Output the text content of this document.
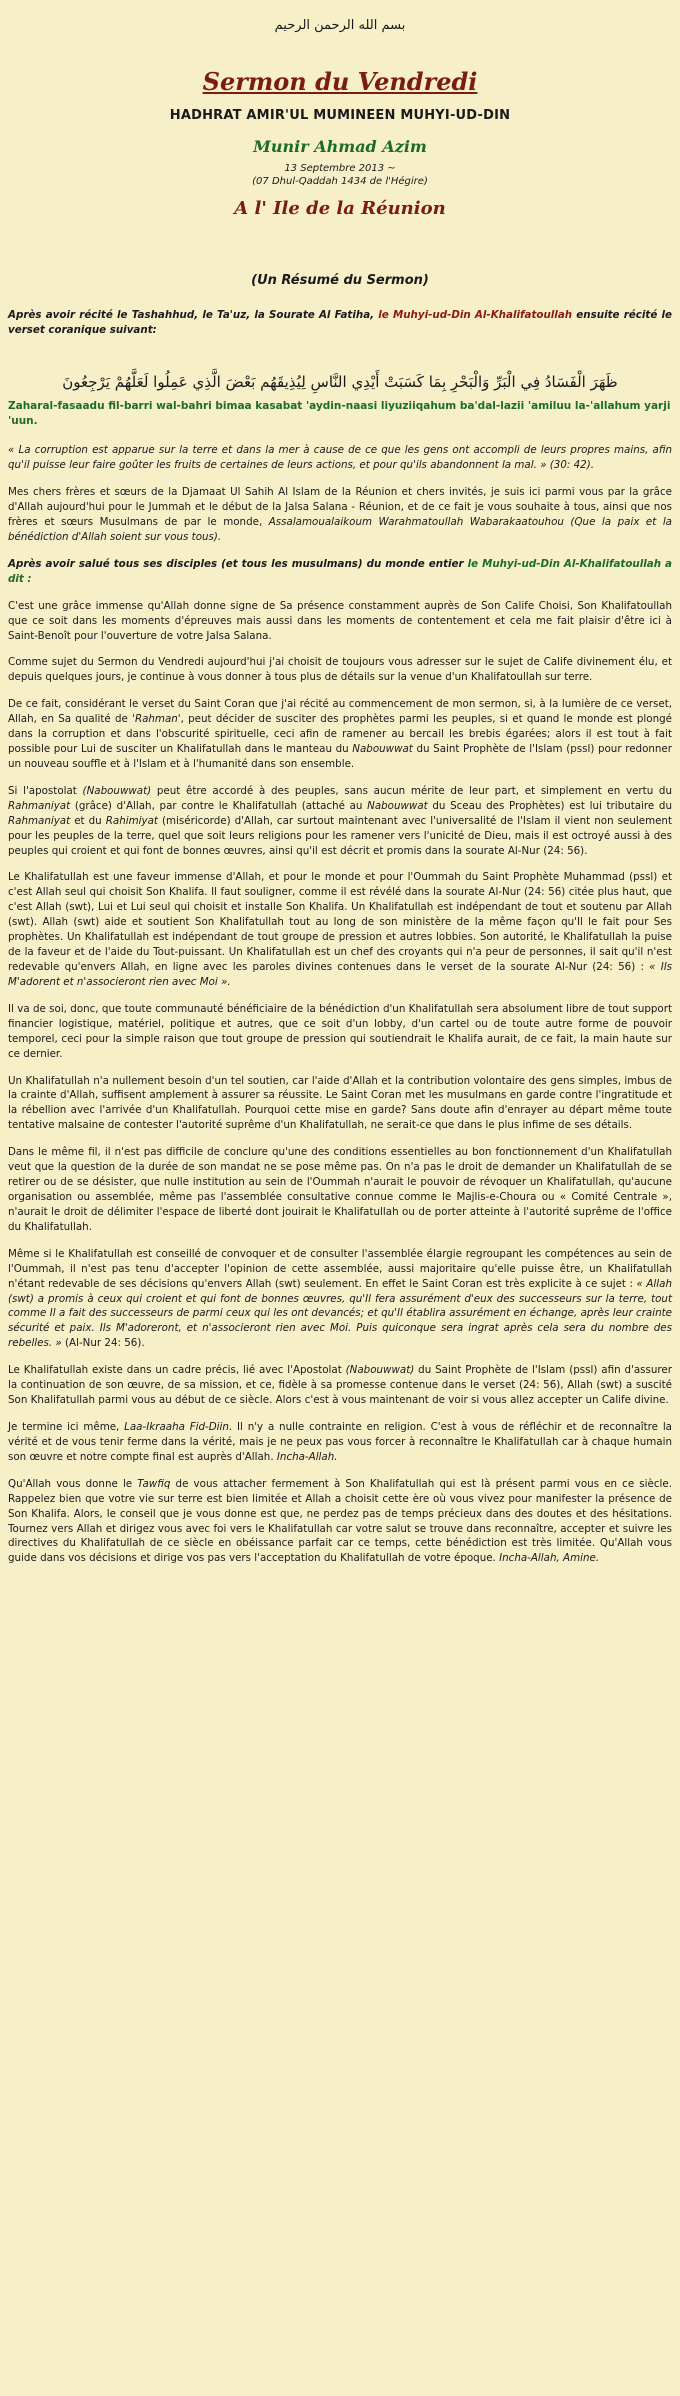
بسم الله الرحمن الرحيم
Sermon du Vendredi
HADHRAT AMIR'UL MUMINEEN MUHYI-UD-DIN
Munir Ahmad Azim
13 Septembre 2013 ~
(07 Dhul-Qaddah 1434 de l'Hégire)
A l' Ile de la Réunion
(Un Résumé du Sermon)

Après avoir récité le Tashahhud, le Ta'uz, la Sourate Al Fatiha, le Muhyi-ud-Din Al-Khalifatoullah ensuite récité le verset coranique suivant:

ظَهَرَ الْفَسَادُ فِي الْبَرِّ وَالْبَحْرِ بِمَا كَسَبَتْ أَيْدِي النَّاسِ لِيُذِيقَهُم بَعْضَ الَّذِي عَمِلُوا لَعَلَّهُمْ يَرْجِعُونَ
Zaharal-fasaadu fil-barri wal-bahri bimaa kasabat 'aydin-naasi liyuziiqahum ba'dal-lazii 'amiluu la-'allahum yarji 'uun.

« La corruption est apparue sur la terre et dans la mer à cause de ce que les gens ont accompli de leurs propres mains, afin qu'il puisse leur faire goûter les fruits de certaines de leurs actions, et pour qu'ils abandonnent la mal. » (30: 42).

Mes chers frères et sœurs de la Djamaat Ul Sahih Al Islam de la Réunion et chers invités, je suis ici parmi vous par la grâce d'Allah aujourd'hui pour le Jummah et le début de la Jalsa Salana - Réunion, et de ce fait je vous souhaite à tous, ainsi que nos frères et sœurs Musulmans de par le monde, Assalamoualaikoum Warahmatoullah Wabarakaatouhou (Que la paix et la bénédiction d'Allah soient sur vous tous).

Après avoir salué tous ses disciples (et tous les musulmans) du monde entier le Muhyi-ud-Din Al-Khalifatoullah a dit :

C'est une grâce immense qu'Allah donne signe de Sa présence constamment auprès de Son Calife Choisi, Son Khalifatoullah que ce soit dans les moments d'épreuves mais aussi dans les moments de contentement et cela me fait plaisir d'être ici à Saint-Benoît pour l'ouverture de votre Jalsa Salana.

Comme sujet du Sermon du Vendredi aujourd'hui j'ai choisit de toujours vous adresser sur le sujet de Calife divinement élu, et depuis quelques jours, je continue à vous donner à tous plus de détails sur la venue d'un Khalifatoullah sur terre.

De ce fait, considérant le verset du Saint Coran que j'ai récité au commencement de mon sermon, si, à la lumière de ce verset, Allah, en Sa qualité de 'Rahman', peut décider de susciter des prophètes parmi les peuples, si et quand le monde est plongé dans la corruption et dans l'obscurité spirituelle, ceci afin de ramener au bercail les brebis égarées; alors il est tout à fait possible pour Lui de susciter un Khalifatullah dans le manteau du Nabouwwat du Saint Prophète de l'Islam (pssl) pour redonner un nouveau souffle et à l'Islam et à l'humanité dans son ensemble.

Si l'apostolat (Nabouwwat) peut être accordé à des peuples, sans aucun mérite de leur part, et simplement en vertu du Rahmaniyat (grâce) d'Allah, par contre le Khalifatullah (attaché au Nabouwwat du Sceau des Prophètes) est lui tributaire du Rahmaniyat et du Rahimiyat (miséricorde) d'Allah, car surtout maintenant avec l'universalité de l'Islam il vient non seulement pour les peuples de la terre, quel que soit leurs religions pour les ramener vers l'unicité de Dieu, mais il est octroyé aussi à des peuples qui croient et qui font de bonnes œuvres, ainsi qu'il est décrit et promis dans la sourate Al-Nur (24: 56).

Le Khalifatullah est une faveur immense d'Allah, et pour le monde et pour l'Oummah du Saint Prophète Muhammad (pssl) et c'est Allah seul qui choisit Son Khalifa. Il faut souligner, comme il est révélé dans la sourate Al-Nur (24: 56) citée plus haut, que c'est Allah (swt), Lui et Lui seul qui choisit et installe Son Khalifa. Un Khalifatullah est indépendant de tout et soutenu par Allah (swt). Allah (swt) aide et soutient Son Khalifatullah tout au long de son ministère de la même façon qu'Il le fait pour Ses prophètes. Un Khalifatullah est indépendant de tout groupe de pression et autres lobbies. Son autorité, le Khalifatullah la puise de la faveur et de l'aide du Tout-puissant. Un Khalifatullah est un chef des croyants qui n'a peur de personnes, il sait qu'il n'est redevable qu'envers Allah, en ligne avec les paroles divines contenues dans le verset de la sourate Al-Nur (24: 56) : « Ils M'adorent et n'associeront rien avec Moi ».

Il va de soi, donc, que toute communauté bénéficiaire de la bénédiction d'un Khalifatullah sera absolument libre de tout support financier logistique, matériel, politique et autres, que ce soit d'un lobby, d'un cartel ou de toute autre forme de pouvoir temporel, ceci pour la simple raison que tout groupe de pression qui soutiendrait le Khalifa aurait, de ce fait, la main haute sur ce dernier.

Un Khalifatullah n'a nullement besoin d'un tel soutien, car l'aide d'Allah et la contribution volontaire des gens simples, imbus de la crainte d'Allah, suffisent amplement à assurer sa réussite. Le Saint Coran met les musulmans en garde contre l'ingratitude et la rébellion avec l'arrivée d'un Khalifatullah. Pourquoi cette mise en garde? Sans doute afin d'enrayer au départ même toute tentative malsaine de contester l'autorité suprême d'un Khalifatullah, ne serait-ce que dans le plus infime de ses détails.

Dans le même fil, il n'est pas difficile de conclure qu'une des conditions essentielles au bon fonctionnement d'un Khalifatullah veut que la question de la durée de son mandat ne se pose même pas. On n'a pas le droit de demander un Khalifatullah de se retirer ou de se désister, que nulle institution au sein de l'Oummah n'aurait le pouvoir de révoquer un Khalifatullah, qu'aucune organisation ou assemblée, même pas l'assemblée consultative connue comme le Majlis-e-Choura ou « Comité Centrale », n'aurait le droit de délimiter l'espace de liberté dont jouirait le Khalifatullah ou de porter atteinte à l'autorité suprême de l'office du Khalifatullah.

Même si le Khalifatullah est conseillé de convoquer et de consulter l'assemblée élargie regroupant les compétences au sein de l'Oummah, il n'est pas tenu d'accepter l'opinion de cette assemblée, aussi majoritaire qu'elle puisse être, un Khalifatullah n'étant redevable de ses décisions qu'envers Allah (swt) seulement. En effet le Saint Coran est très explicite à ce sujet : « Allah (swt) a promis à ceux qui croient et qui font de bonnes œuvres, qu'Il fera assurément d'eux des successeurs sur la terre, tout comme Il a fait des successeurs de parmi ceux qui les ont devancés; et qu'Il établira assurément en échange, après leur crainte sécurité et paix. Ils M'adoreront, et n'associeront rien avec Moi. Puis quiconque sera ingrat après cela sera du nombre des rebelles. » (Al-Nur 24: 56).

Le Khalifatullah existe dans un cadre précis, lié avec l'Apostolat (Nabouwwat) du Saint Prophète de l'Islam (pssl) afin d'assurer la continuation de son œuvre, de sa mission, et ce, fidèle à sa promesse contenue dans le verset (24: 56), Allah (swt) a suscité Son Khalifatullah parmi vous au début de ce siècle. Alors c'est à vous maintenant de voir si vous allez accepter un Calife divine.

Je termine ici même, Laa-Ikraaha Fid-Diin. Il n'y a nulle contrainte en religion. C'est à vous de réfléchir et de reconnaître la vérité et de vous tenir ferme dans la vérité, mais je ne peux pas vous forcer à reconnaître le Khalifatullah car à chaque humain son œuvre et notre compte final est auprès d'Allah. Incha-Allah.

Qu'Allah vous donne le Tawfiq de vous attacher fermement à Son Khalifatullah qui est là présent parmi vous en ce siècle. Rappelez bien que votre vie sur terre est bien limitée et Allah a choisit cette ère où vous vivez pour manifester la présence de Son Khalifa. Alors, le conseil que je vous donne est que, ne perdez pas de temps précieux dans des doutes et des hésitations. Tournez vers Allah et dirigez vous avec foi vers le Khalifatullah car votre salut se trouve dans reconnaître, accepter et suivre les directives du Khalifatullah de ce siècle en obéissance parfait car ce temps, cette bénédiction est très limitée. Qu'Allah vous guide dans vos décisions et dirige vos pas vers l'acceptation du Khalifatullah de votre époque. Incha-Allah, Amine.
